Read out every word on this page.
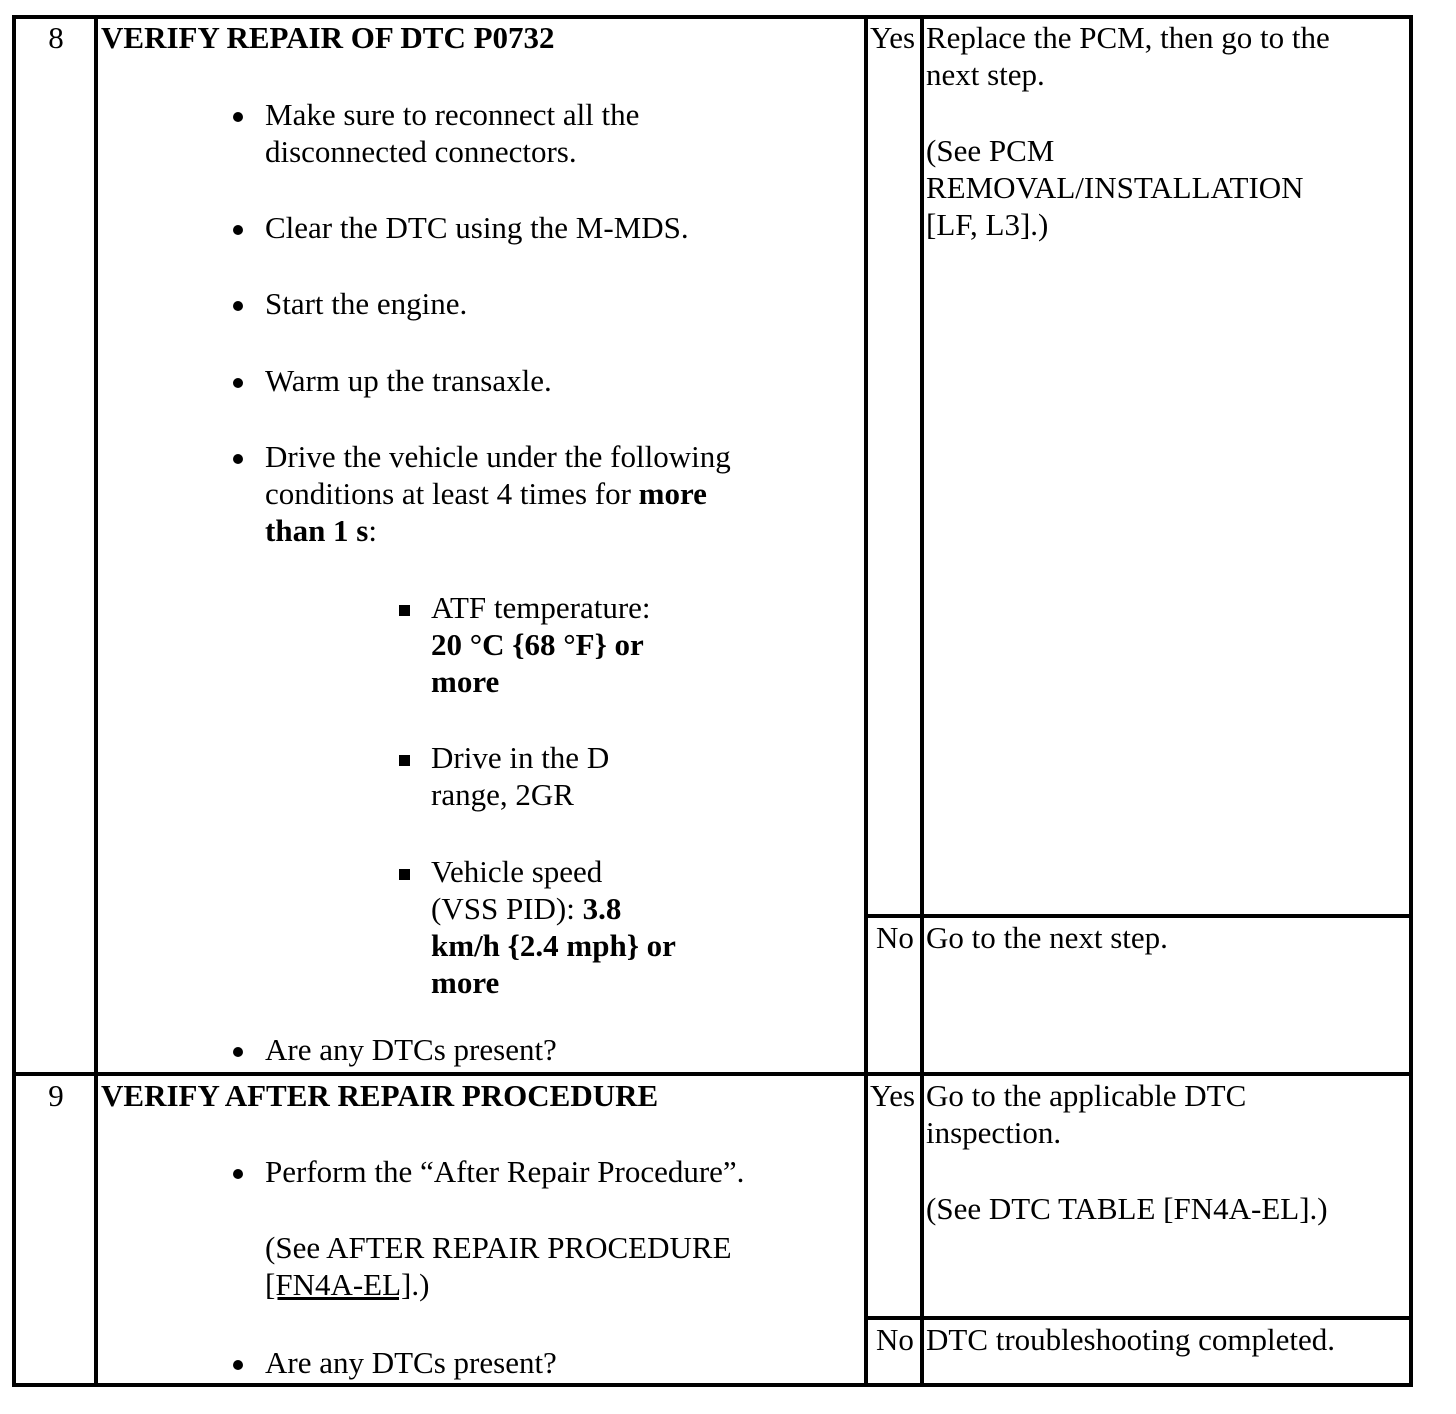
8	VERIFY REPAIR OF DTC P0732
Make sure to reconnect all the
disconnected connectors.
Clear the DTC using the M-MDS.
Start the engine.
Warm up the transaxle.
Drive the vehicle under the following
conditions at least 4 times for more
than 1 s:
ATF temperature:
20 °C {68 °F} or
more
Drive in the D
range, 2GR
Vehicle speed
(VSS PID): 3.8
km/h {2.4 mph} or
more
Are any DTCs present?
Yes Replace the PCM, then go to the
next step.
(See PCM
REMOVAL/INSTALLATION
[LF, L3].)
No Go to the next step.
9	VERIFY AFTER REPAIR PROCEDURE
Perform the “After Repair Procedure”.
(See AFTER REPAIR PROCEDURE
[FN4A-EL].)
Are any DTCs present?
Yes Go to the applicable DTC
inspection.
(See DTC TABLE [FN4A-EL].)
No DTC troubleshooting completed.
